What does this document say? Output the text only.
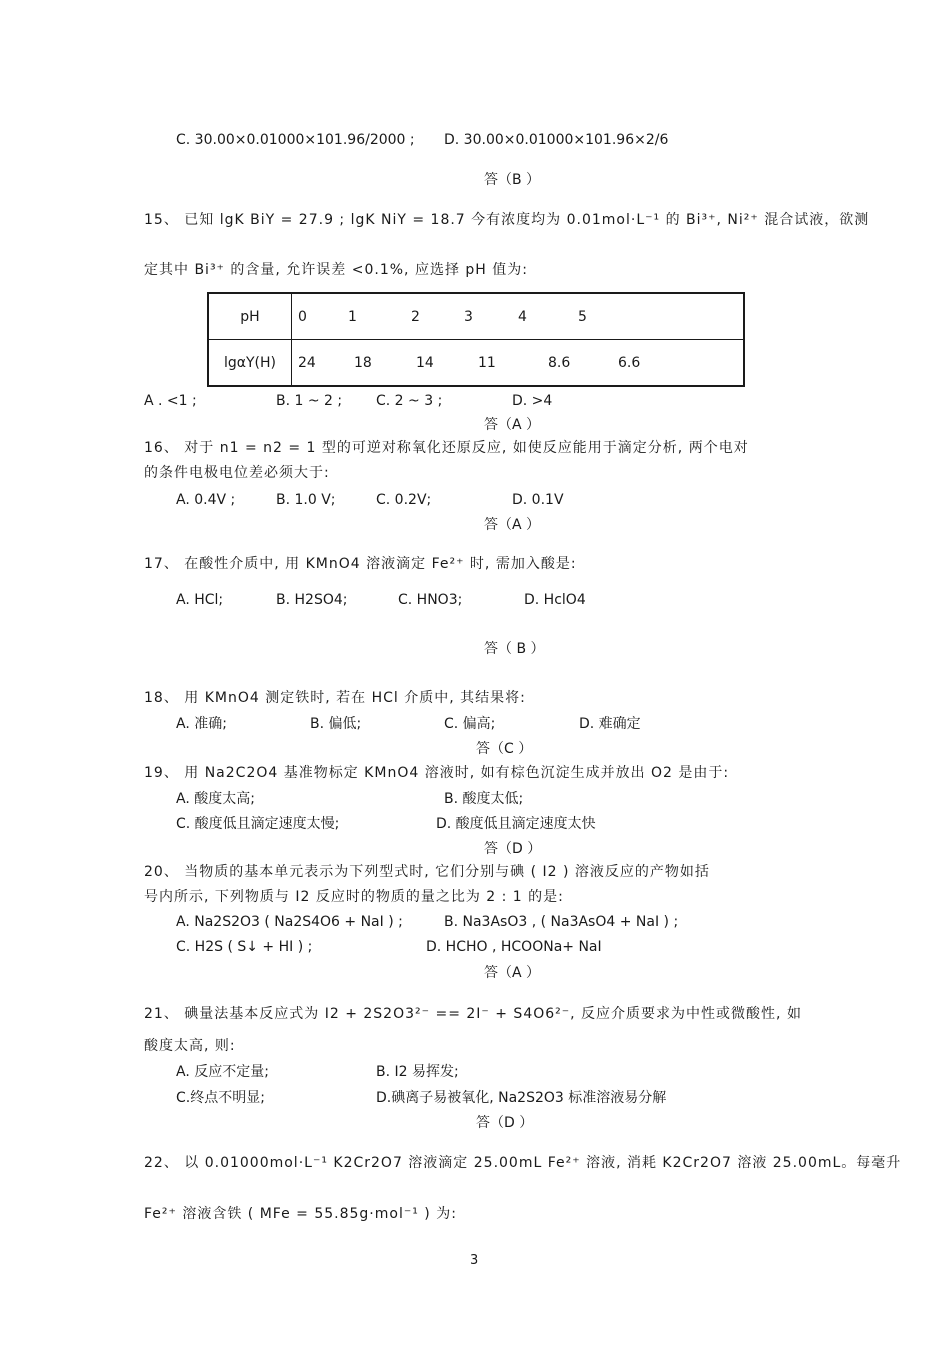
C. 30.00×0.01000×101.96/2000 ; D. 30.00×0.01000×101.96×2/6
答（B ）
15、 已知 lgK BiY = 27.9 ; lgK NiY = 18.7 今有浓度均为 0.01mol·L⁻¹ 的 Bi³⁺, Ni²⁺ 混合试液，欲测
定其中 Bi³⁺ 的含量, 允许误差 <0.1%, 应选择 pH 值为:
pH	0 1 2 3 4 5
lgαY(H)	24 18 14 11 8.6 6.6
A . <1 ;	B. 1 ~ 2 ; C. 2 ~ 3 ;	D. >4
答（A ）
16、 对于 n1 = n2 = 1 型的可逆对称氧化还原反应, 如使反应能用于滴定分析, 两个电对
的条件电极电位差必须大于:
A. 0.4V ;	B. 1.0 V;	C. 0.2V;	D. 0.1V
答（A ）
17、 在酸性介质中, 用 KMnO4 溶液滴定 Fe²⁺ 时, 需加入酸是:
A. HCl;	B. H2SO4;	C. HNO3;	D. HclO4
答（ B ）
18、 用 KMnO4 测定铁时, 若在 HCl 介质中, 其结果将:
A. 准确;	B. 偏低;	C. 偏高;	D. 难确定
答（C ）
19、 用 Na2C2O4 基准物标定 KMnO4 溶液时, 如有棕色沉淀生成并放出 O2 是由于:
A. 酸度太高;	B. 酸度太低;
C. 酸度低且滴定速度太慢;	D. 酸度低且滴定速度太快
答（D ）
20、 当物质的基本单元表示为下列型式时, 它们分别与碘 ( I2 ) 溶液反应的产物如括
号内所示, 下列物质与 I2 反应时的物质的量之比为 2 : 1 的是:
A. Na2S2O3 ( Na2S4O6 + NaI ) ;	B. Na3AsO3 , ( Na3AsO4 + NaI ) ;
C. H2S ( S↓ + HI ) ;	D. HCHO , HCOONa+ NaI
答（A ）
21、 碘量法基本反应式为 I2 + 2S2O3²⁻ == 2I⁻ + S4O6²⁻, 反应介质要求为中性或微酸性, 如
酸度太高, 则:
A. 反应不定量;	B. I2 易挥发;
C.终点不明显;	D.碘离子易被氧化, Na2S2O3 标准溶液易分解
答（D ）
22、 以 0.01000mol·L⁻¹ K2Cr2O7 溶液滴定 25.00mL Fe²⁺ 溶液, 消耗 K2Cr2O7 溶液 25.00mL。每毫升
Fe²⁺ 溶液含铁 ( MFe = 55.85g·mol⁻¹ ) 为:
3
